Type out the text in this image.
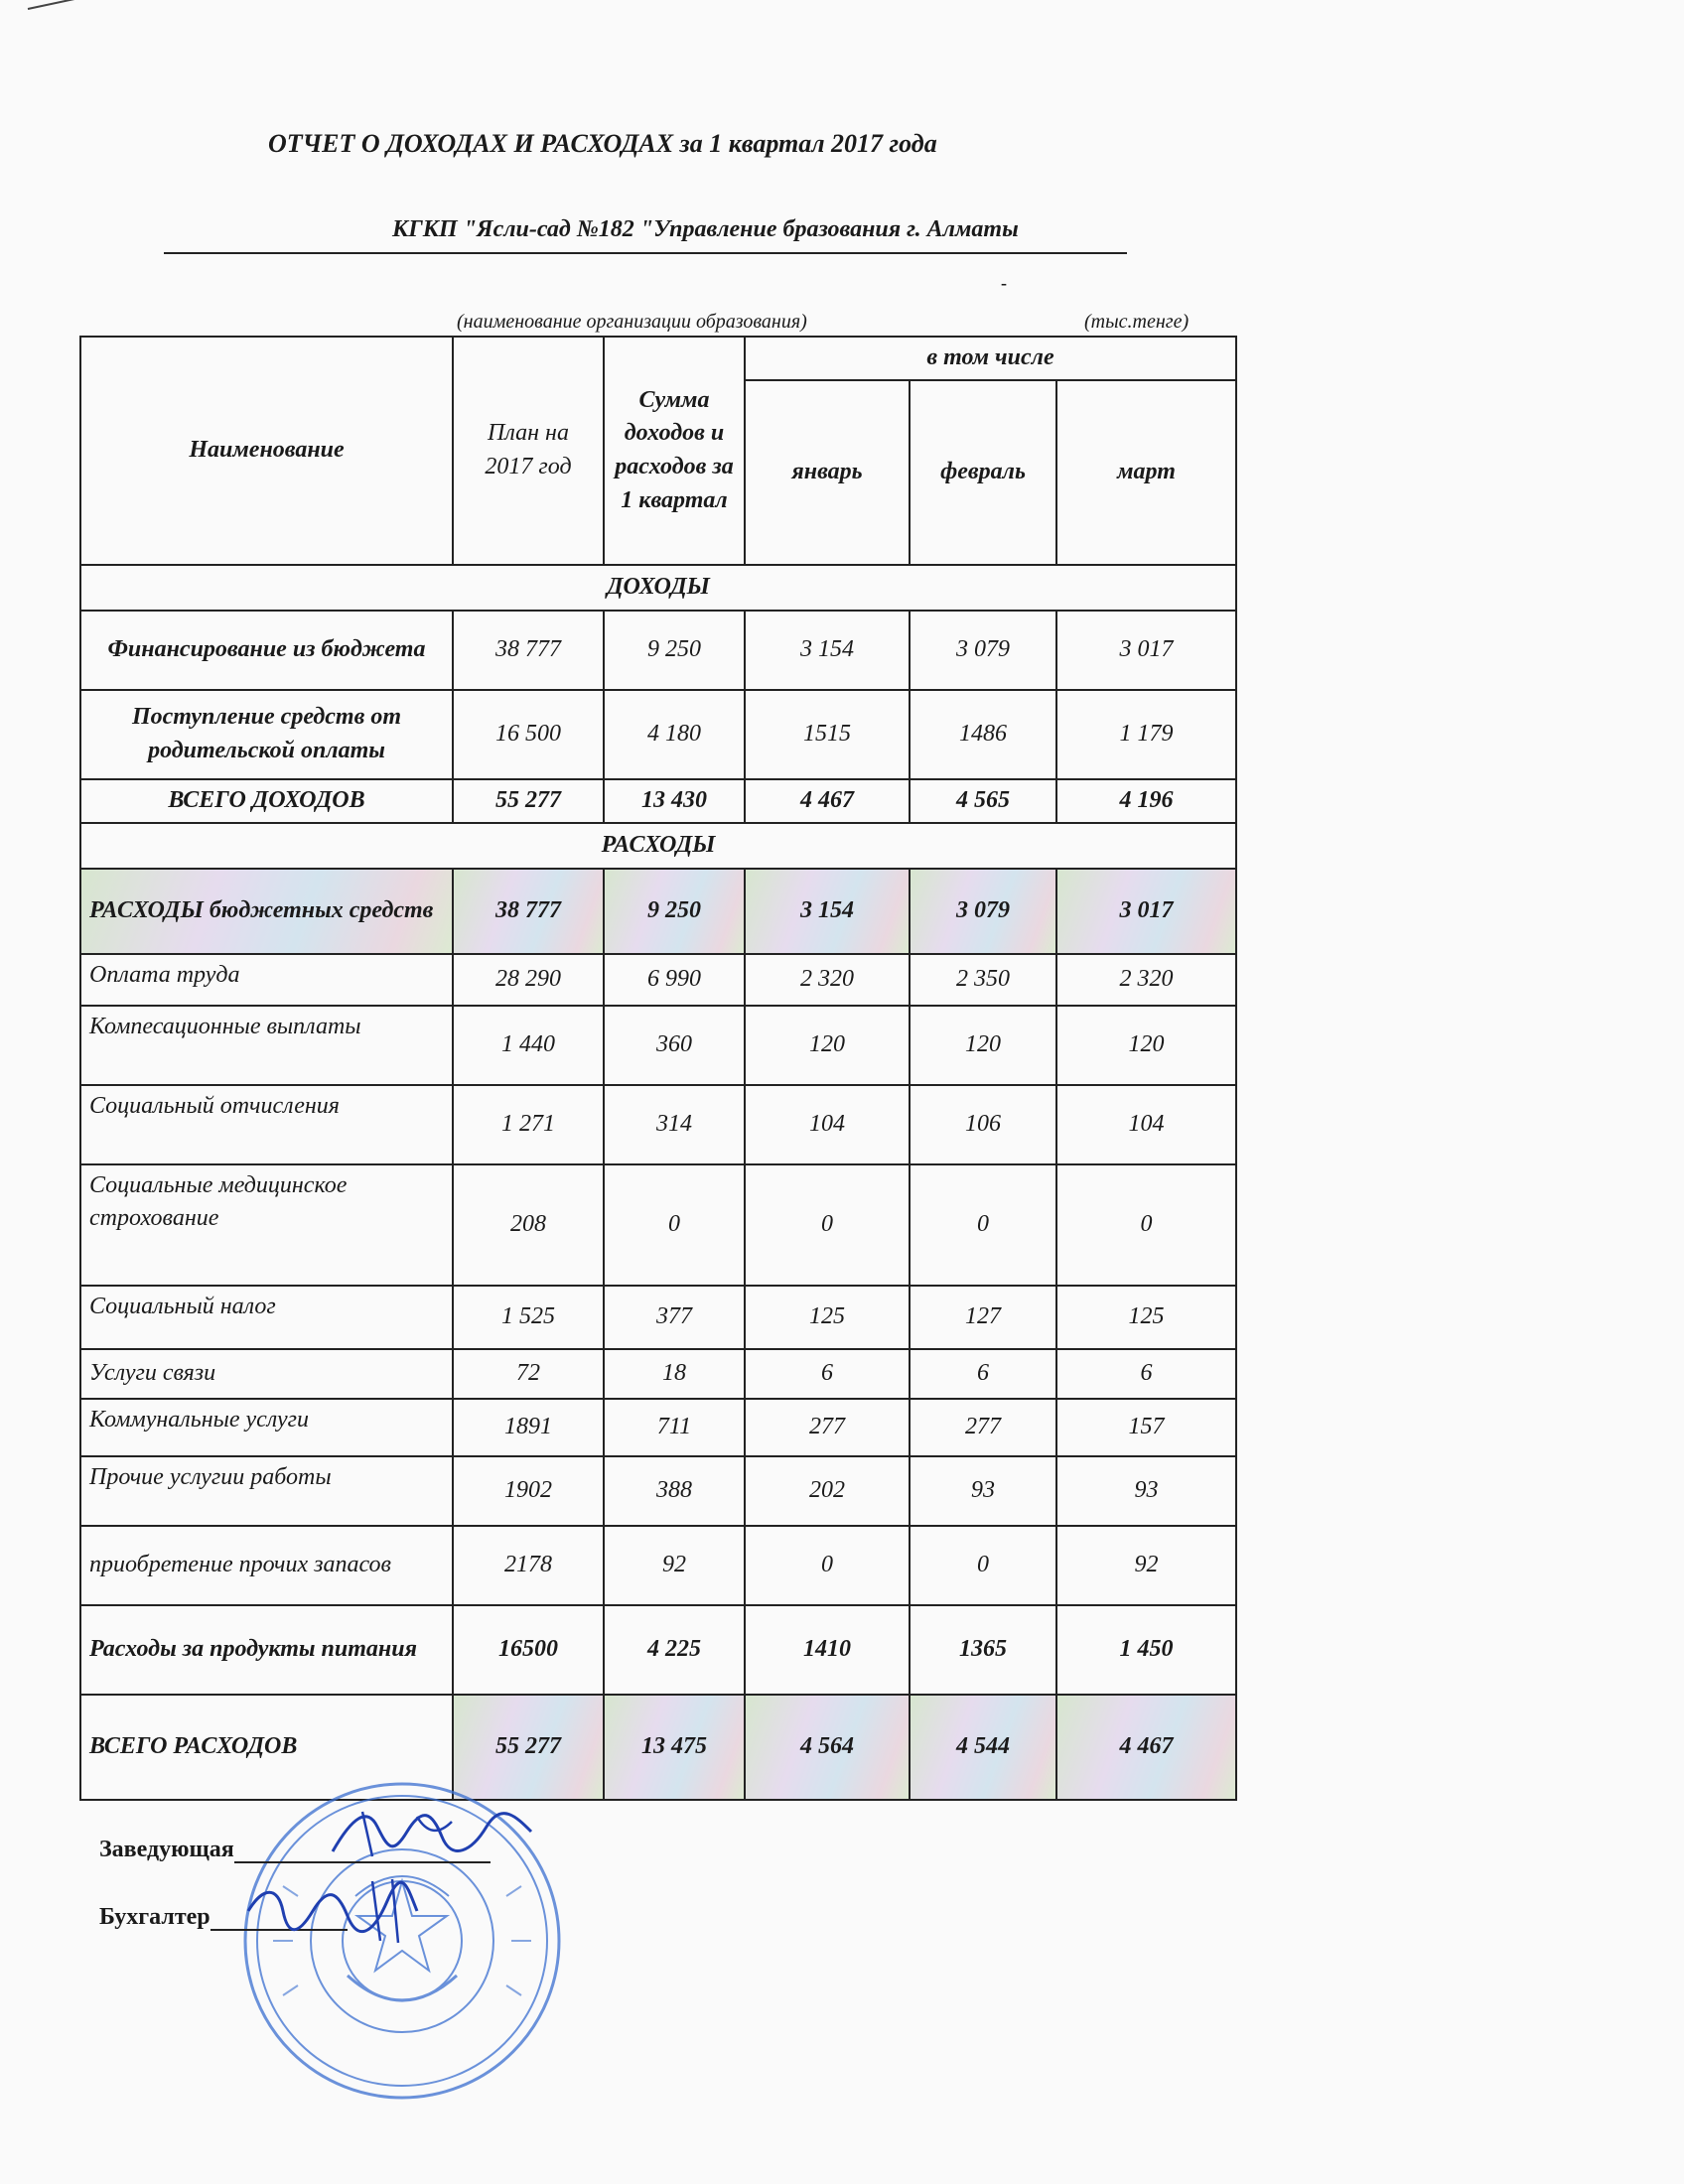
ОТЧЕТ О ДОХОДАХ И РАСХОДАХ за 1 квартал 2017 года
КГКП "Ясли-сад №182 "Управление бразования г. Алматы
-
(наименование организации образования)	(тыс.тенге)
Наименование	План на 2017 год	Сумма доходов и расходов за 1 квартал	в том числе		
			январь	февраль	март
ДОХОДЫ					
Финансирование из бюджета	38 777	9 250	3 154	3 079	3 017
Поступление средств от родительской оплаты	16 500	4 180	1515	1486	1 179
ВСЕГО ДОХОДОВ	55 277	13 430	4 467	4 565	4 196
РАСХОДЫ					
РАСХОДЫ бюджетных средств	38 777	9 250	3 154	3 079	3 017
Оплата труда	28 290	6 990	2 320	2 350	2 320
Компесационные выплаты	1 440	360	120	120	120
Социальный отчисления	1 271	314	104	106	104
Социальные медицинское строхование	208	0	0	0	0
Социальный налог	1 525	377	125	127	125
Услуги связи	72	18	6	6	6
Коммунальные услуги	1891	711	277	277	157
Прочие услугии работы	1902	388	202	93	93
приобретение прочих запасов	2178	92	0	0	92
Расходы за продукты питания	16500	4 225	1410	1365	1 450
ВСЕГО РАСХОДОВ	55 277	13 475	4 564	4 544	4 467
Заведующая
Бухгалтер
